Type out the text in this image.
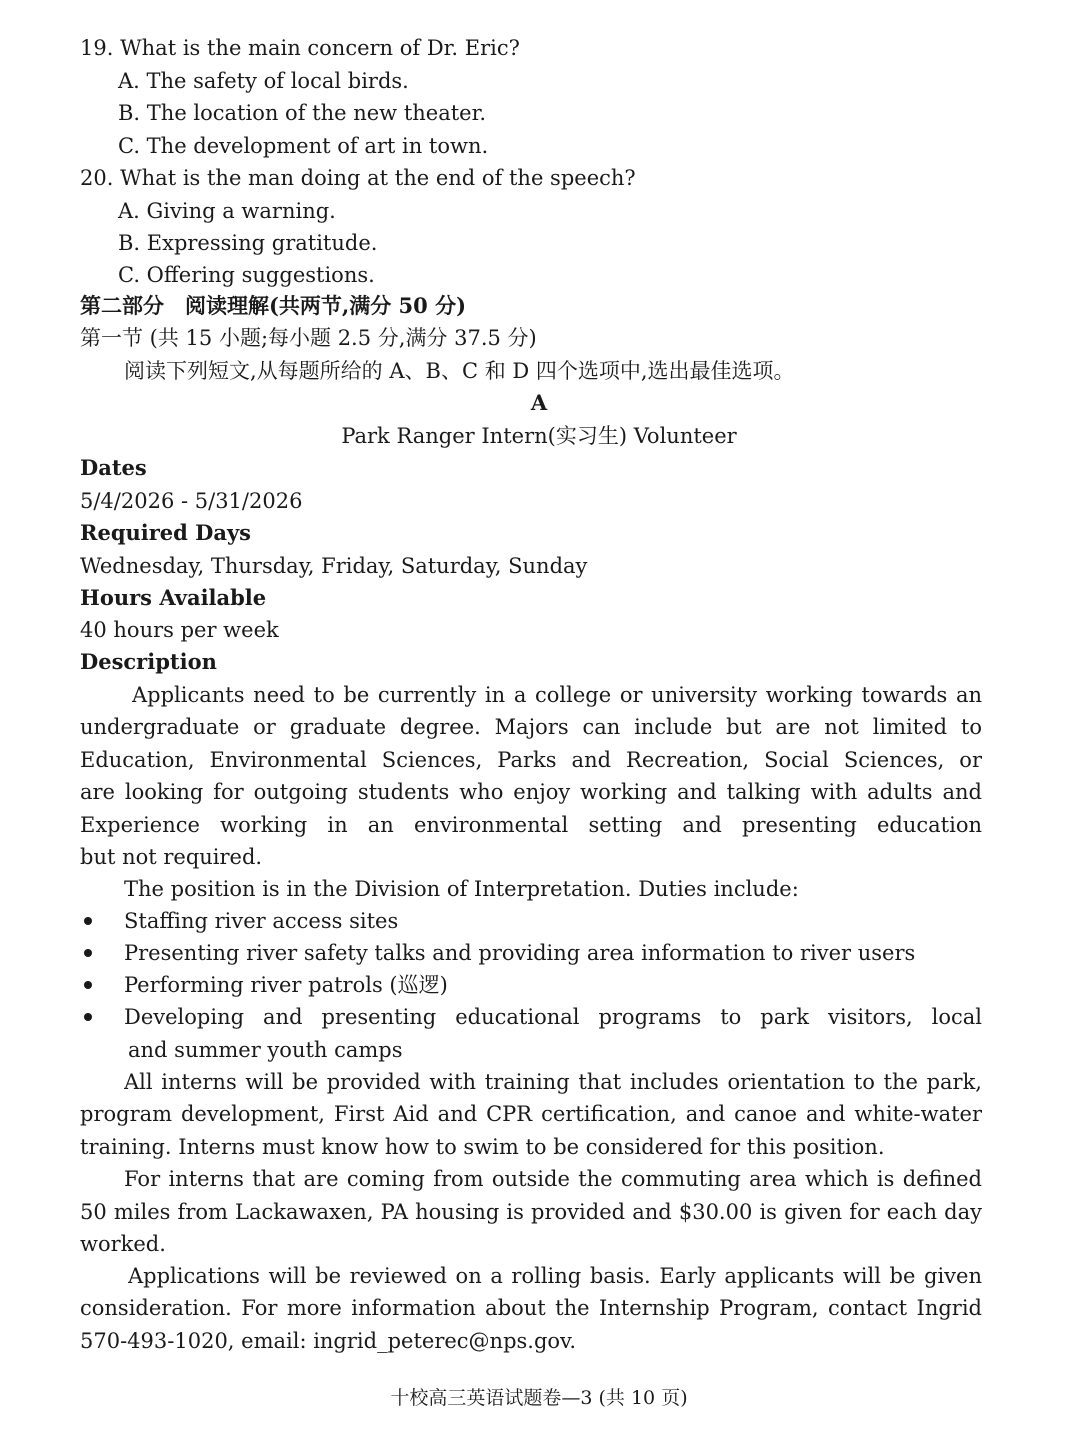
19. What is the main concern of Dr. Eric?
A. The safety of local birds.
B. The location of the new theater.
C. The development of art in town.
20. What is the man doing at the end of the speech?
A. Giving a warning.
B. Expressing gratitude.
C. Offering suggestions.
第二部分　阅读理解(共两节,满分 50 分)
第一节 (共 15 小题;每小题 2.5 分,满分 37.5 分)
阅读下列短文,从每题所给的 A、B、C 和 D 四个选项中,选出最佳选项。
A
Park Ranger Intern(实习生) Volunteer
Dates
5/4/2026 - 5/31/2026
Required Days
Wednesday, Thursday, Friday, Saturday, Sunday
Hours Available
40 hours per week
Description
Applicants need to be currently in a college or university working towards an
undergraduate or graduate degree. Majors can include but are not limited to
Education, Environmental Sciences, Parks and Recreation, Social Sciences, or
are looking for outgoing students who enjoy working and talking with adults and
Experience working in an environmental setting and presenting education
but not required.
The position is in the Division of Interpretation. Duties include:
Staffing river access sites
Presenting river safety talks and providing area information to river users
Performing river patrols (巡逻)
Developing and presenting educational programs to park visitors, local
and summer youth camps
All interns will be provided with training that includes orientation to the park,
program development, First Aid and CPR certification, and canoe and white-water
training. Interns must know how to swim to be considered for this position.
For interns that are coming from outside the commuting area which is defined
50 miles from Lackawaxen, PA housing is provided and $30.00 is given for each day
worked.
Applications will be reviewed on a rolling basis. Early applicants will be given
consideration. For more information about the Internship Program, contact Ingrid
570-493-1020, email: ingrid_peterec@nps.gov.
十校高三英语试题卷—3 (共 10 页)
